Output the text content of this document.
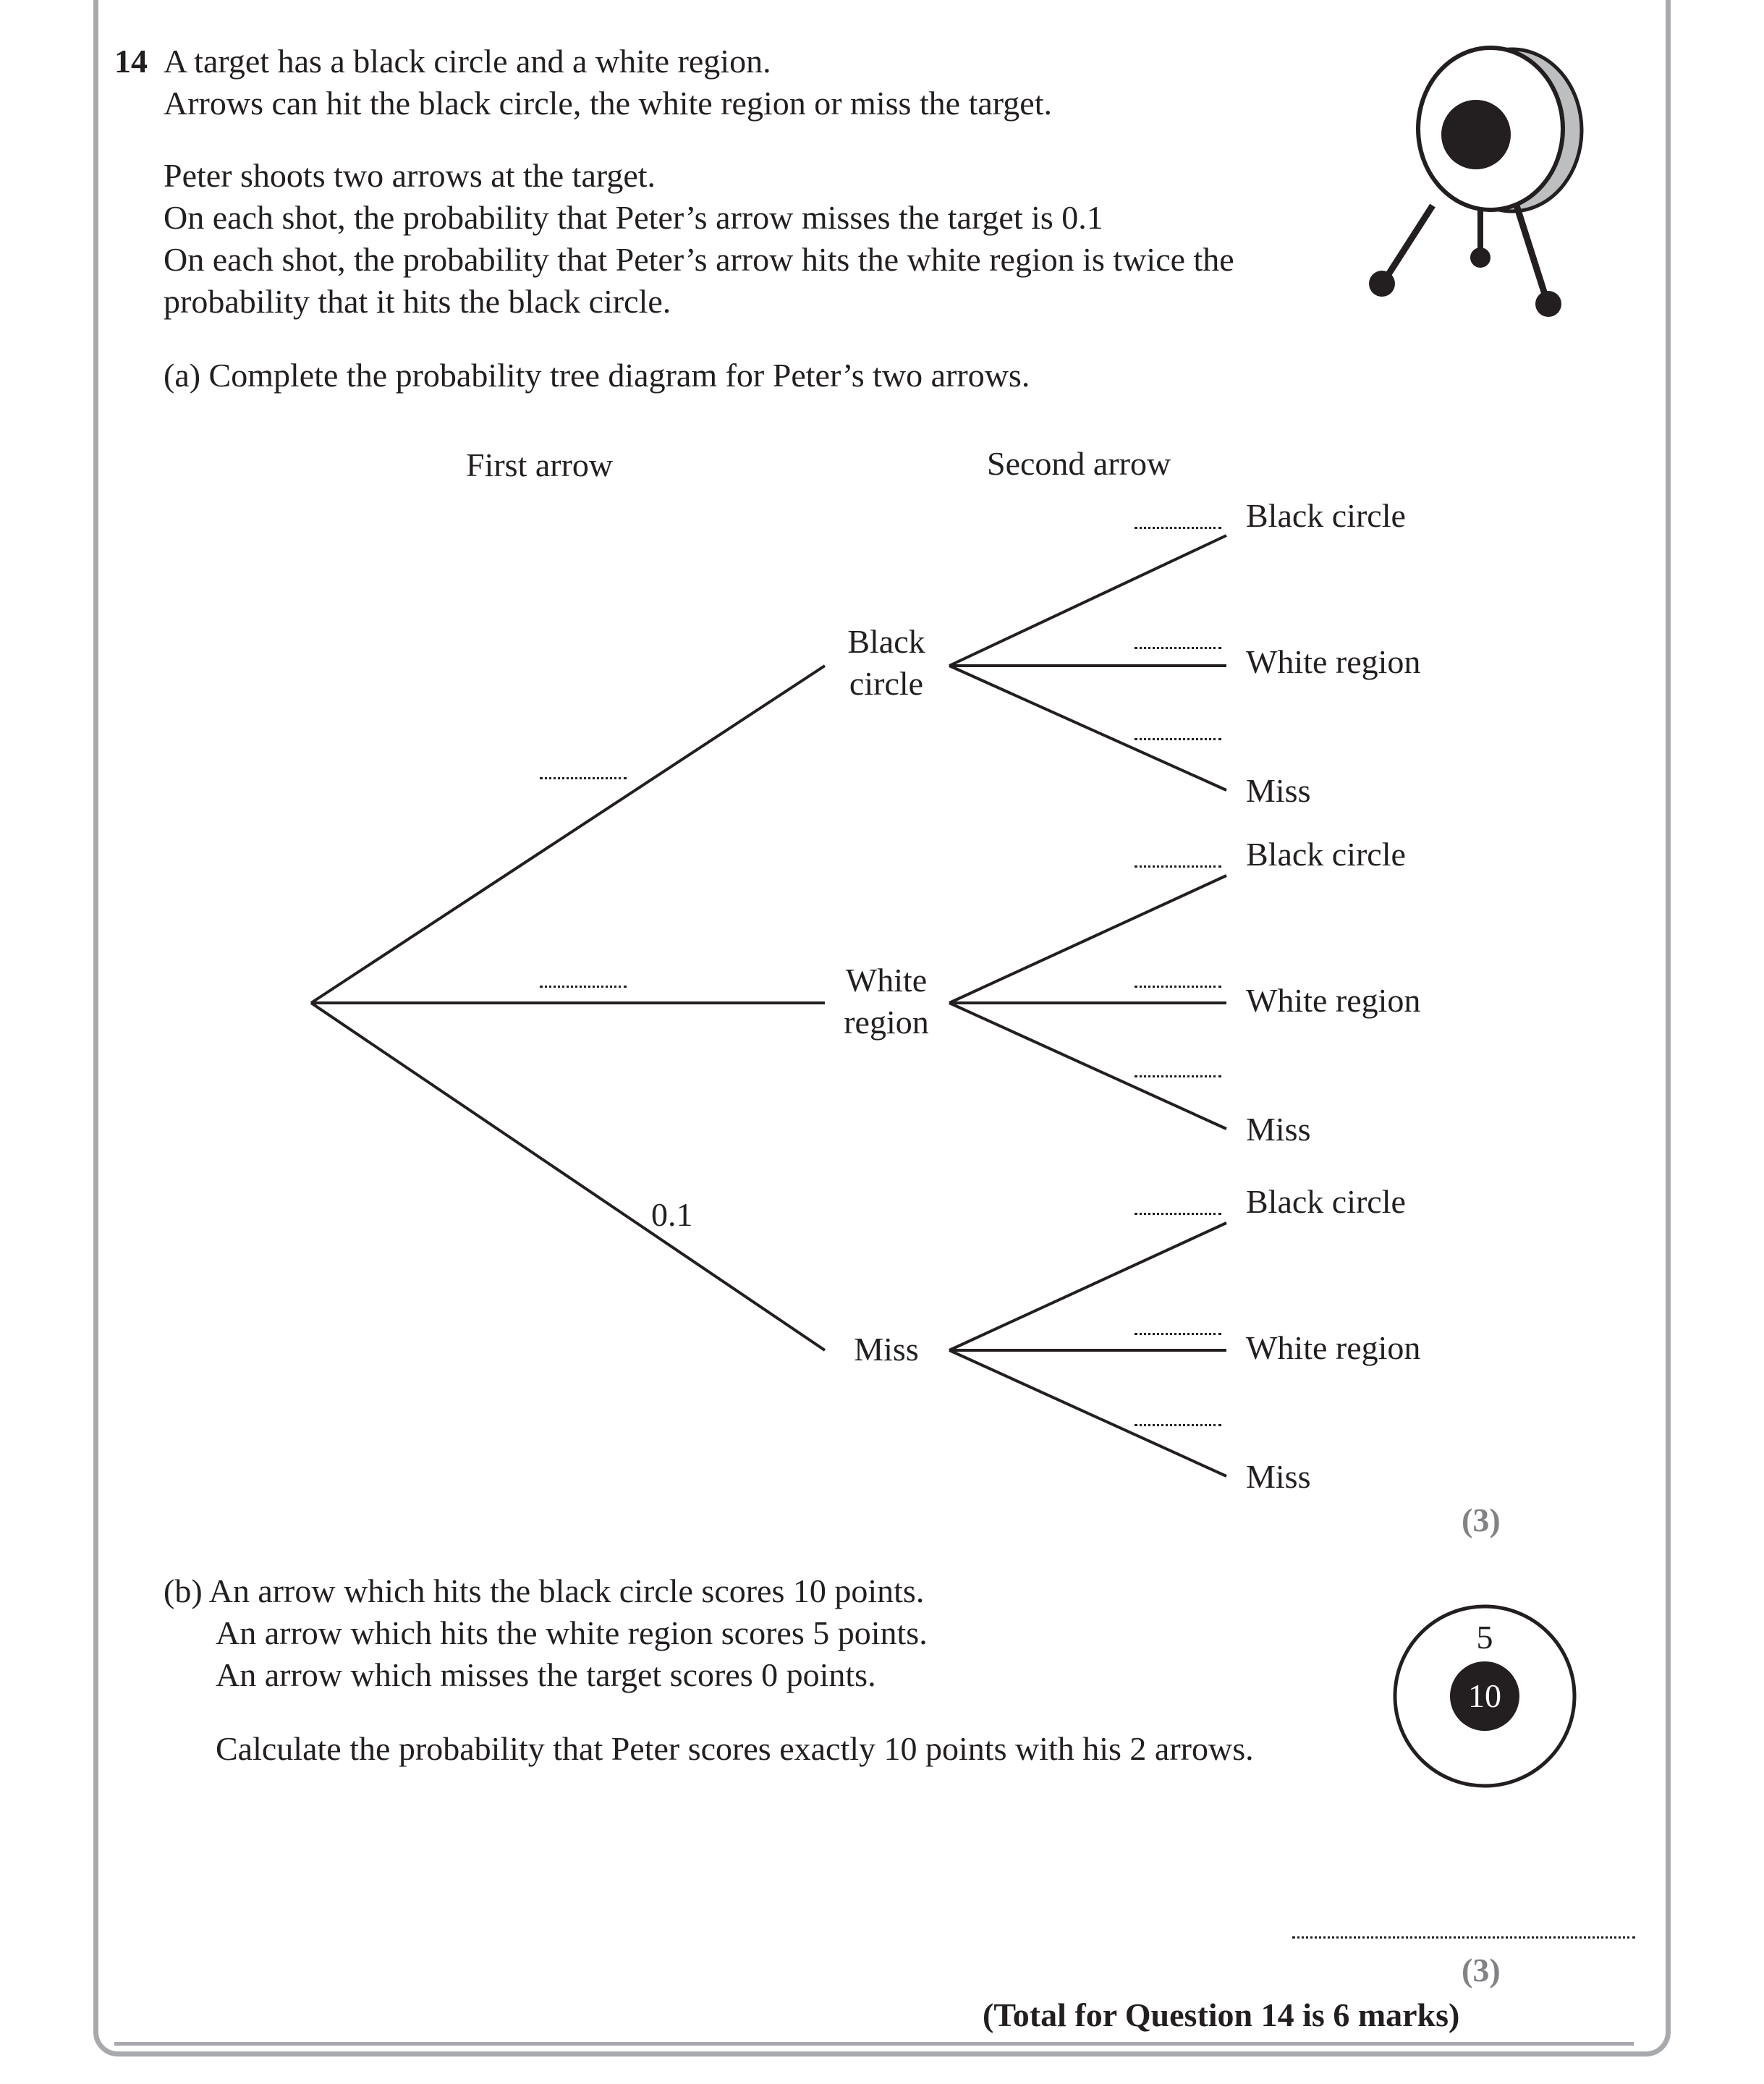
14 A target has a black circle and a white region.
Arrows can hit the black circle, the white region or miss the target.
Peter shoots two arrows at the target.
On each shot, the probability that Peter’s arrow misses the target is 0.1
On each shot, the probability that Peter’s arrow hits the white region is twice the
probability that it hits the black circle.
(a) Complete the probability tree diagram for Peter’s two arrows.
First arrow	Second arrow
0.1
Black
circle
White
region
Miss
Black circle
White region
Miss
Black circle
White region
Miss
Black circle
White region
Miss
(3)
(b) An arrow which hits the black circle scores 10 points.
An arrow which hits the white region scores 5 points.
An arrow which misses the target scores 0 points.
Calculate the probability that Peter scores exactly 10 points with his 2 arrows.
5
10
(3)
(Total for Question 14 is 6 marks)
